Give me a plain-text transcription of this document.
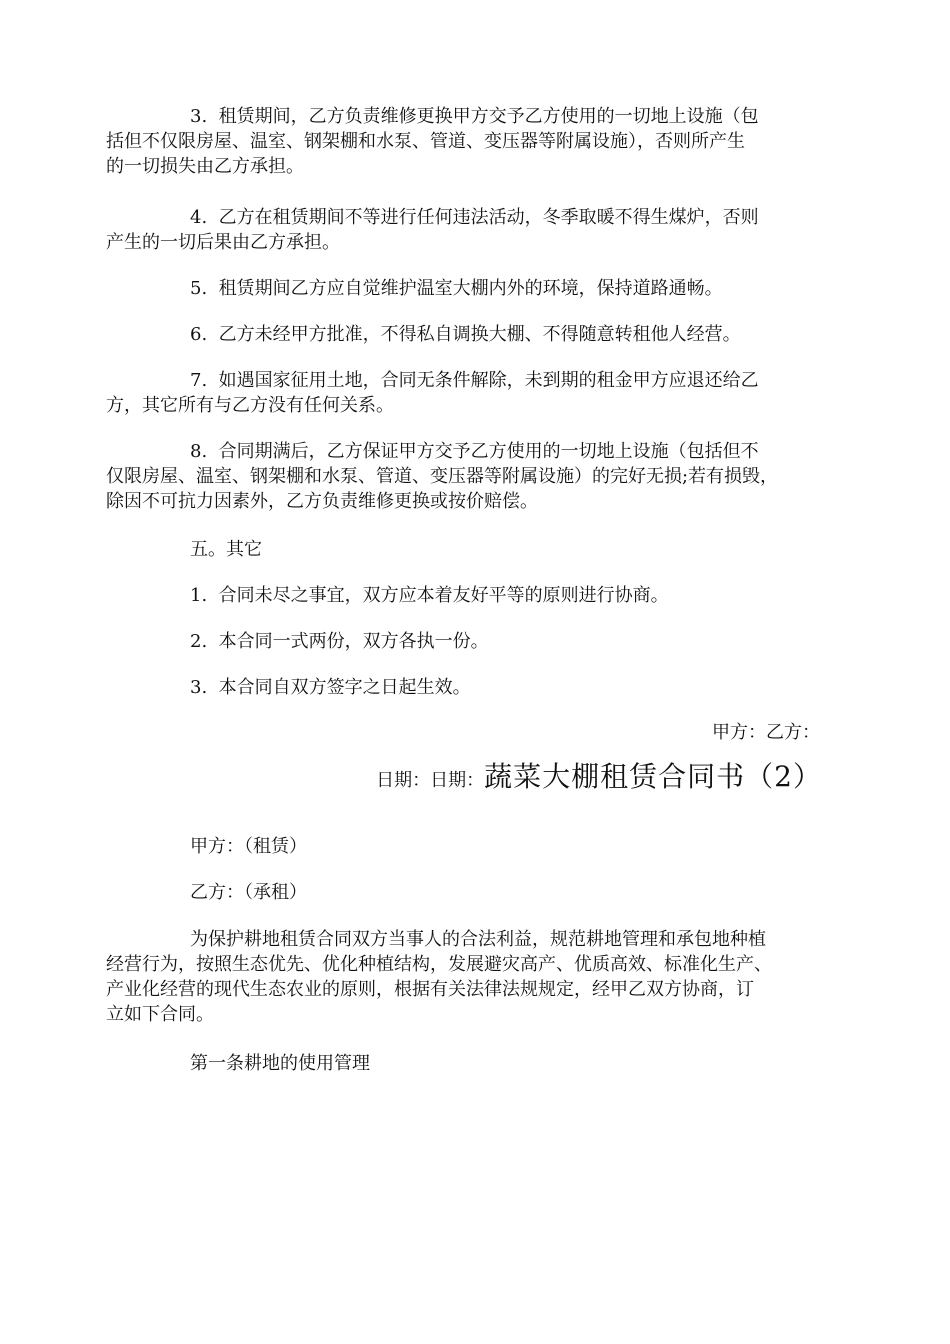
3. 租赁期间，乙方负责维修更换甲方交予乙方使用的一切地上设施（包
括但不仅限房屋、温室、钢架棚和水泵、管道、变压器等附属设施），否则所产生
的一切损失由乙方承担。
4. 乙方在租赁期间不等进行任何违法活动，冬季取暖不得生煤炉，否则
产生的一切后果由乙方承担。
5. 租赁期间乙方应自觉维护温室大棚内外的环境，保持道路通畅。
6. 乙方未经甲方批准，不得私自调换大棚、不得随意转租他人经营。
7. 如遇国家征用土地，合同无条件解除，未到期的租金甲方应退还给乙
方，其它所有与乙方没有任何关系。
8. 合同期满后，乙方保证甲方交予乙方使用的一切地上设施（包括但不
仅限房屋、温室、钢架棚和水泵、管道、变压器等附属设施）的完好无损;若有损毁，
除因不可抗力因素外，乙方负责维修更换或按价赔偿。
五。其它
1. 合同未尽之事宜，双方应本着友好平等的原则进行协商。
2. 本合同一式两份，双方各执一份。
3. 本合同自双方签字之日起生效。
甲方：乙方：
日期：日期：蔬菜大棚租赁合同书（2）
甲方：（租赁）
乙方：（承租）
为保护耕地租赁合同双方当事人的合法利益，规范耕地管理和承包地种植
经营行为，按照生态优先、优化种植结构，发展避灾高产、优质高效、标准化生产、
产业化经营的现代生态农业的原则，根据有关法律法规规定，经甲乙双方协商，订
立如下合同。
第一条耕地的使用管理
